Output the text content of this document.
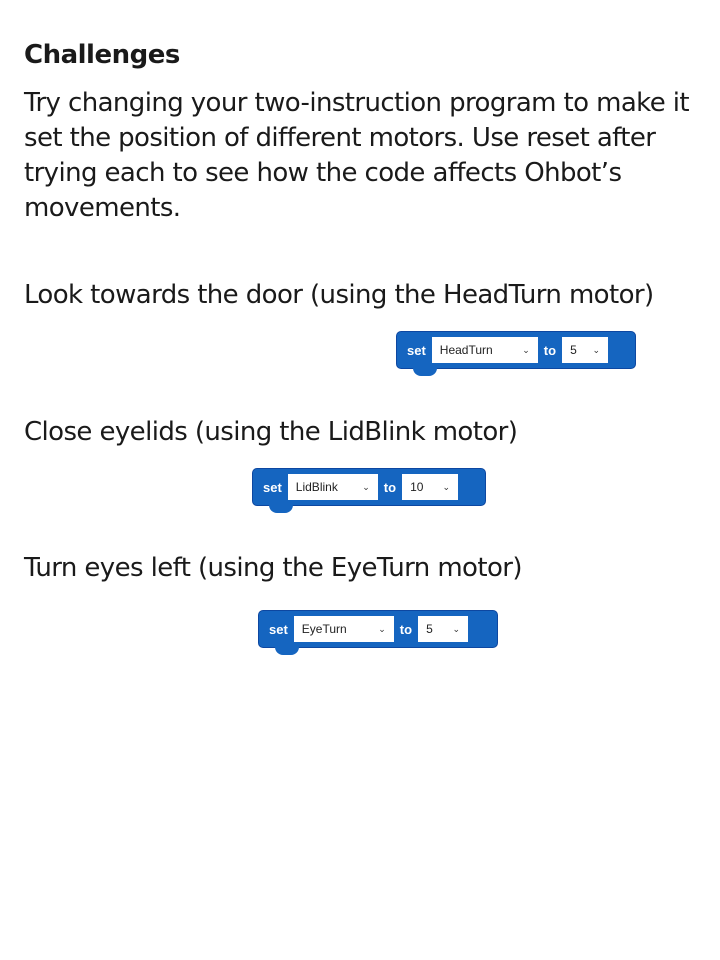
Challenges
Try changing your two-instruction program to make it set the position of different motors. Use reset after trying each to see how the code affects Ohbot’s movements.
Look towards the door (using the HeadTurn motor)
set HeadTurn	⌄ to 5	⌄
Close eyelids (using the LidBlink motor)
set LidBlink	⌄ to 10	⌄
Turn eyes left (using the EyeTurn motor)
set EyeTurn	⌄ to 5	⌄
